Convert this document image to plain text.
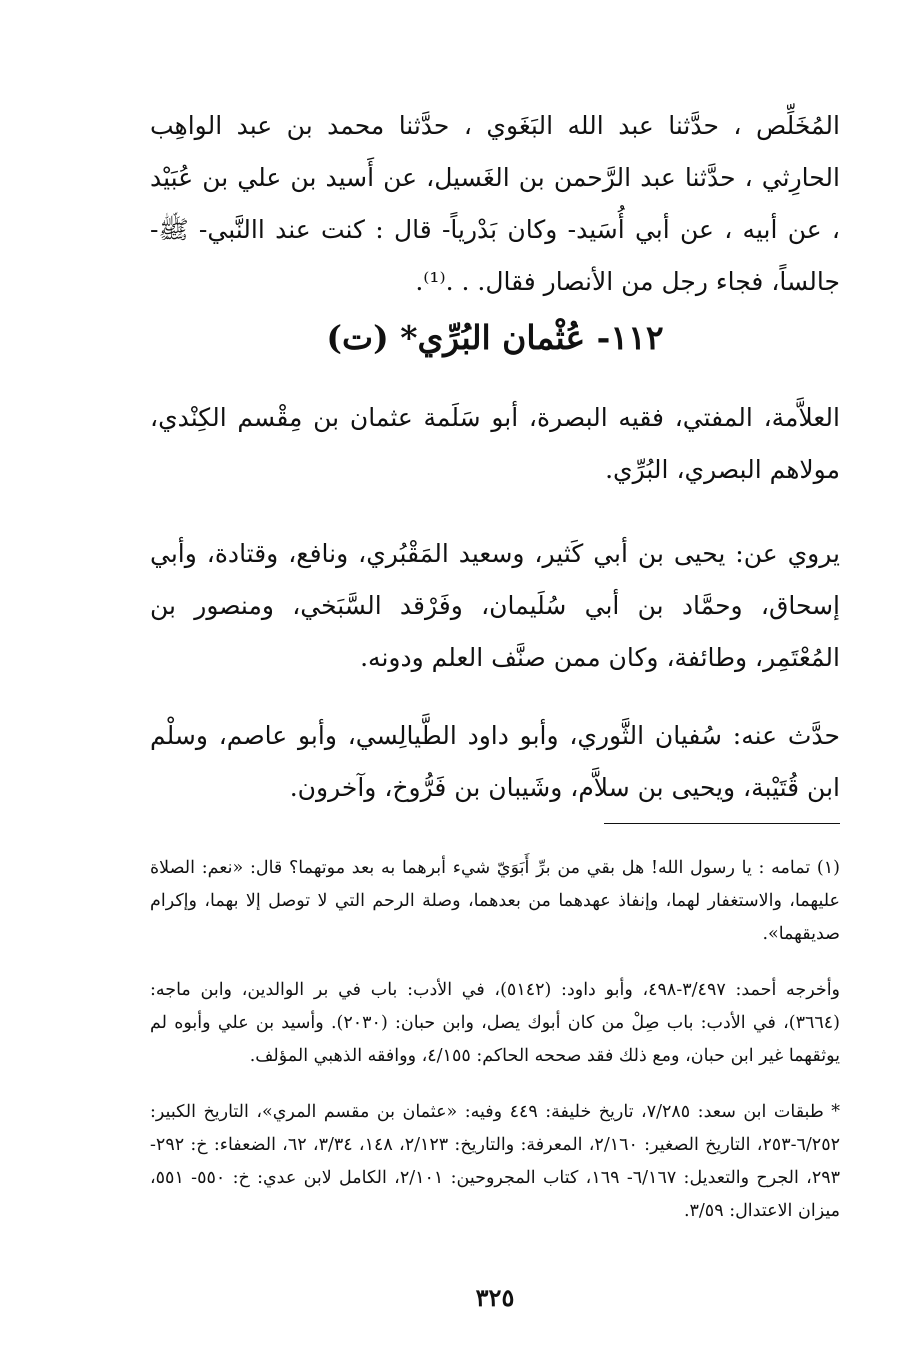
المُخَلِّص ، حدَّثنا عبد الله البَغَوي ، حدَّثنا محمد بن عبد الواهِب الحارِثي ، حدَّثنا عبد الرَّحمن بن الغَسيل، عن أَسيد بن علي بن عُبَيْد ، عن أبيه ، عن أبي أُسَيد- وكان بَدْرياً- قال : كنت عند االنَّبي- ﷺ- جالساً، فجاء رجل من الأنصار فقال. . .⁽¹⁾.
١١٢- عُثْمان البُرِّي* (ت)
العلاَّمة، المفتي، فقيه البصرة، أبو سَلَمة عثمان بن مِقْسم الكِنْدي، مولاهم البصري، البُرِّي.
يروي عن: يحيى بن أبي كَثير، وسعيد المَقْبُري، ونافع، وقتادة، وأبي إسحاق، وحمَّاد بن أبي سُلَيمان، وفَرْقد السَّبَخي، ومنصور بن المُعْتَمِر، وطائفة، وكان ممن صنَّف العلم ودونه.
حدَّث عنه: سُفيان الثَّوري، وأبو داود الطَّيالِسي، وأبو عاصم، وسلْم ابن قُتَيْبة، ويحيى بن سلاَّم، وشَيبان بن فَرُّوخ، وآخرون.
(١) تمامه : يا رسول الله! هل بقي من برِّ أَبَوَيّ شيء أبرهما به بعد موتهما؟ قال: «نعم: الصلاة عليهما، والاستغفار لهما، وإنفاذ عهدهما من بعدهما، وصلة الرحم التي لا توصل إلا بهما، وإكرام صديقهما».
وأخرجه أحمد: ٣/٤٩٧-٤٩٨، وأبو داود: (٥١٤٢)، في الأدب: باب في بر الوالدين، وابن ماجه: (٣٦٦٤)، في الأدب: باب صِلْ من كان أبوك يصل، وابن حبان: (٢٠٣٠). وأسيد بن علي وأبوه لم يوثقهما غير ابن حبان، ومع ذلك فقد صححه الحاكم: ٤/١٥٥، ووافقه الذهبي المؤلف.
* طبقات ابن سعد: ٧/٢٨٥، تاريخ خليفة: ٤٤٩ وفيه: «عثمان بن مقسم المري»، التاريخ الكبير: ٦/٢٥٢-٢٥٣، التاريخ الصغير: ٢/١٦٠، المعرفة: والتاريخ: ٢/١٢٣، ١٤٨، ٣/٣٤، ٦٢، الضعفاء: خ: ٢٩٢- ٢٩٣، الجرح والتعديل: ٦/١٦٧- ١٦٩، كتاب المجروحين: ٢/١٠١، الكامل لابن عدي: خ: ٥٥٠- ٥٥١، ميزان الاعتدال: ٣/٥٩.
٣٢٥
